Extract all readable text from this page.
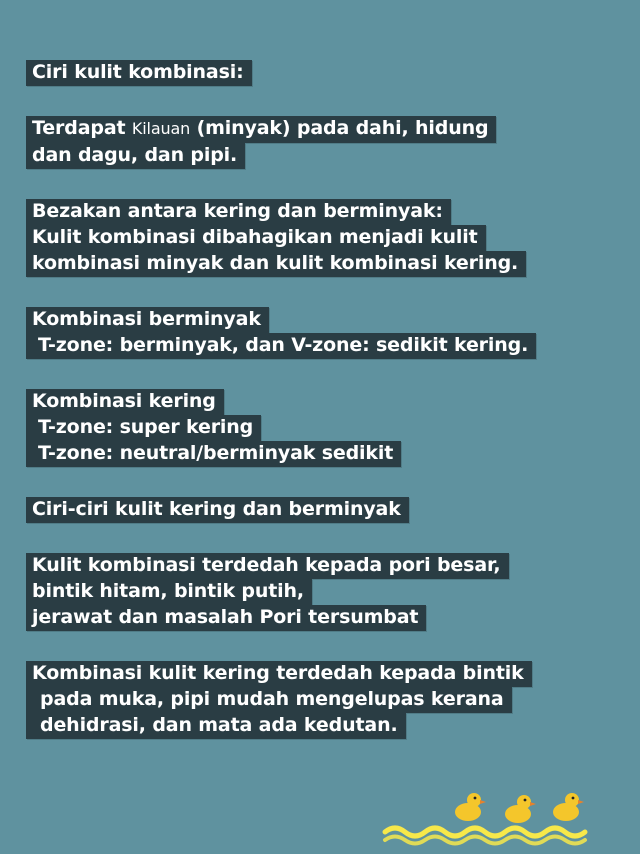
Ciri kulit kombinasi:
Terdapat Kilauan (minyak) pada dahi, hidung
dan dagu, dan pipi.
Bezakan antara kering dan berminyak:
Kulit kombinasi dibahagikan menjadi kulit
kombinasi minyak dan kulit kombinasi kering.
Kombinasi berminyak
T-zone: berminyak, dan V-zone: sedikit kering.
Kombinasi kering
T-zone: super kering
T-zone: neutral/berminyak sedikit
Ciri-ciri kulit kering dan berminyak
Kulit kombinasi terdedah kepada pori besar,
bintik hitam, bintik putih,
jerawat dan masalah Pori tersumbat
Kombinasi kulit kering terdedah kepada bintik
pada muka, pipi mudah mengelupas kerana
dehidrasi, dan mata ada kedutan.
